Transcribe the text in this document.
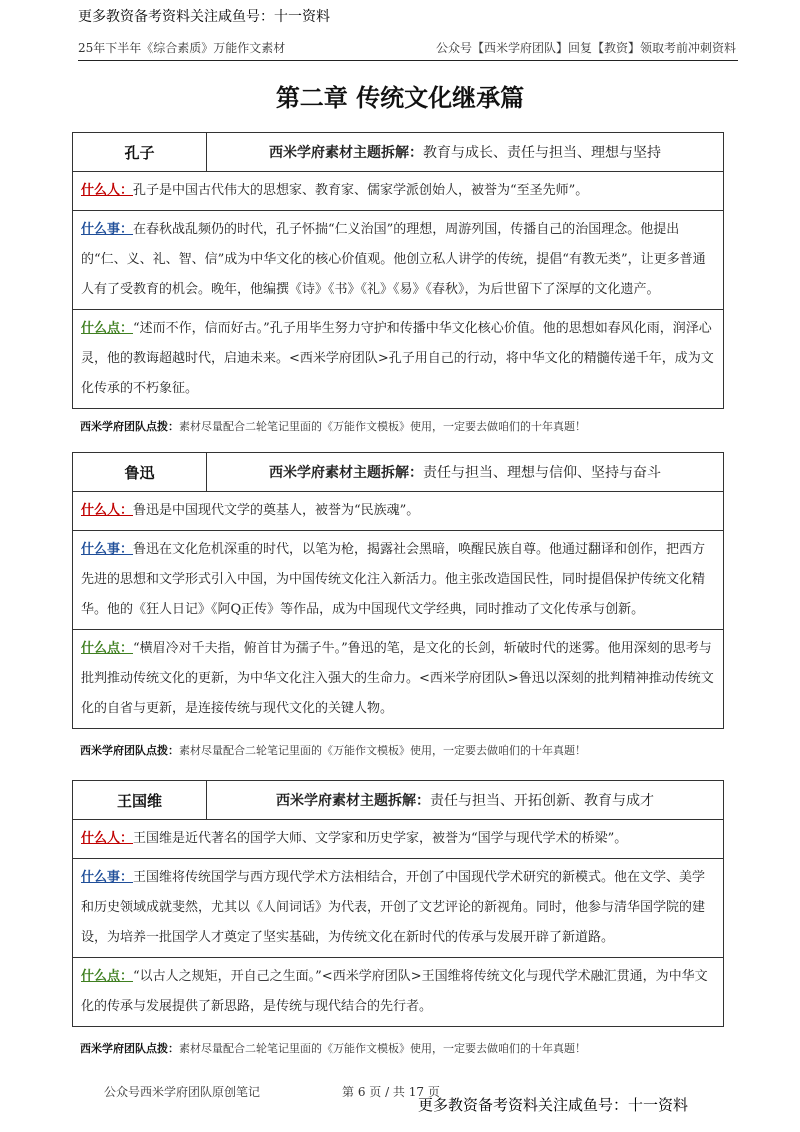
更多教资备考资料关注咸鱼号：十一资料
25年下半年《综合素质》万能作文素材	公众号【西米学府团队】回复【教资】领取考前冲刺资料
第二章 传统文化继承篇
孔子	西米学府素材主题拆解： 教育与成长、责任与担当、理想与坚持
什么人：孔子是中国古代伟大的思想家、教育家、儒家学派创始人，被誉为“至圣先师”。
什么事：在春秋战乱频仍的时代，孔子怀揣“仁义治国”的理想，周游列国，传播自己的治国理念。他提出的“仁、义、礼、智、信”成为中华文化的核心价值观。他创立私人讲学的传统，提倡“有教无类”，让更多普通人有了受教育的机会。晚年，他编撰《诗》《书》《礼》《易》《春秋》，为后世留下了深厚的文化遗产。
什么点：“述而不作，信而好古。”孔子用毕生努力守护和传播中华文化核心价值。他的思想如春风化雨，润泽心灵，他的教诲超越时代，启迪未来。<西米学府团队>孔子用自己的行动，将中华文化的精髓传递千年，成为文化传承的不朽象征。
西米学府团队点拨：素材尽量配合二轮笔记里面的《万能作文模板》使用，一定要去做咱们的十年真题！
鲁迅	西米学府素材主题拆解： 责任与担当、理想与信仰、坚持与奋斗
什么人：鲁迅是中国现代文学的奠基人，被誉为“民族魂”。
什么事：鲁迅在文化危机深重的时代，以笔为枪，揭露社会黑暗，唤醒民族自尊。他通过翻译和创作，把西方先进的思想和文学形式引入中国，为中国传统文化注入新活力。他主张改造国民性，同时提倡保护传统文化精华。他的《狂人日记》《阿Q正传》等作品，成为中国现代文学经典，同时推动了文化传承与创新。
什么点：“横眉冷对千夫指，俯首甘为孺子牛。”鲁迅的笔，是文化的长剑，斩破时代的迷雾。他用深刻的思考与批判推动传统文化的更新，为中华文化注入强大的生命力。<西米学府团队>鲁迅以深刻的批判精神推动传统文化的自省与更新，是连接传统与现代文化的关键人物。
西米学府团队点拨：素材尽量配合二轮笔记里面的《万能作文模板》使用，一定要去做咱们的十年真题！
王国维	西米学府素材主题拆解： 责任与担当、开拓创新、教育与成才
什么人：王国维是近代著名的国学大师、文学家和历史学家，被誉为“国学与现代学术的桥梁”。
什么事：王国维将传统国学与西方现代学术方法相结合，开创了中国现代学术研究的新模式。他在文学、美学和历史领域成就斐然，尤其以《人间词话》为代表，开创了文艺评论的新视角。同时，他参与清华国学院的建设，为培养一批国学人才奠定了坚实基础，为传统文化在新时代的传承与发展开辟了新道路。
什么点：“以古人之规矩，开自己之生面。”<西米学府团队>王国维将传统文化与现代学术融汇贯通，为中华文化的传承与发展提供了新思路，是传统与现代结合的先行者。
西米学府团队点拨：素材尽量配合二轮笔记里面的《万能作文模板》使用，一定要去做咱们的十年真题！
公众号西米学府团队原创笔记	第 6 页 / 共 17 页
更多教资备考资料关注咸鱼号：十一资料
